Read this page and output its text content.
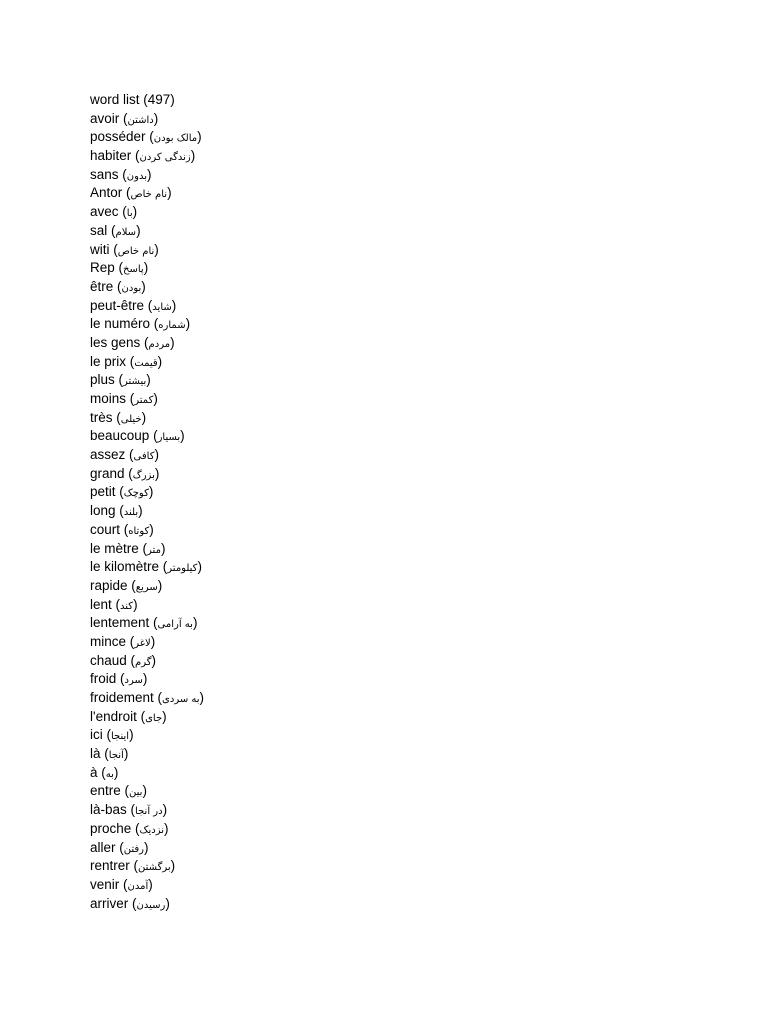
word list (497)
avoir (داشتن)
posséder (مالک بودن)
habiter (زندگی کردن)
sans (بدون)
Antor (نام خاص)
avec (با)
sal (سلام)
witi (نام خاص)
Rep (پاسخ)
être (بودن)
peut-être (شاید)
le numéro (شماره)
les gens (مردم)
le prix (قیمت)
plus (بیشتر)
moins (کمتر)
très (خیلی)
beaucoup (بسیار)
assez (کافی)
grand (بزرگ)
petit (کوچک)
long (بلند)
court (کوتاه)
le mètre (متر)
le kilomètre (کیلومتر)
rapide (سریع)
lent (کند)
lentement (به آرامی)
mince (لاغر)
chaud (گرم)
froid (سرد)
froidement (به سردی)
l'endroit (جای)
ici (اینجا)
là (آنجا)
à (به)
entre (بین)
là-bas (در آنجا)
proche (نزدیک)
aller (رفتن)
rentrer (برگشتن)
venir (آمدن)
arriver (رسیدن)
